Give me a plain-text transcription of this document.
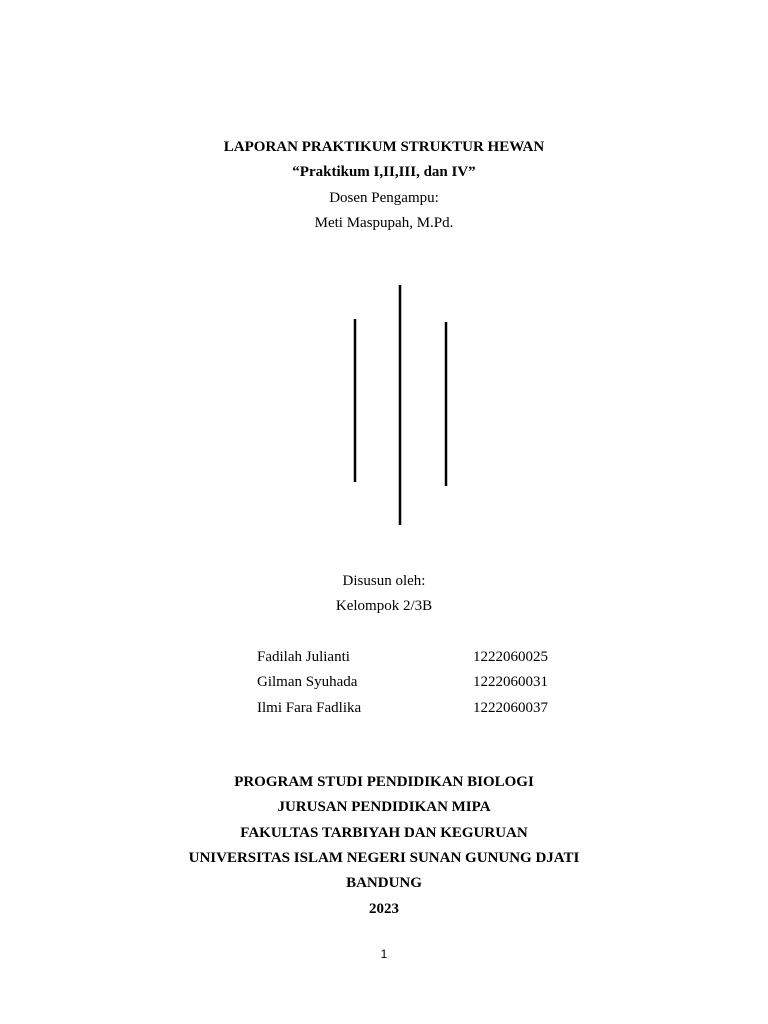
LAPORAN PRAKTIKUM STRUKTUR HEWAN
“Praktikum I,II,III, dan IV”
Dosen Pengampu:
Meti Maspupah, M.Pd.
Disusun oleh:
Kelompok 2/3B
Fadilah Julianti	1222060025
Gilman Syuhada	1222060031
Ilmi Fara Fadlika	1222060037
PROGRAM STUDI PENDIDIKAN BIOLOGI
JURUSAN PENDIDIKAN MIPA
FAKULTAS TARBIYAH DAN KEGURUAN
UNIVERSITAS ISLAM NEGERI SUNAN GUNUNG DJATI
BANDUNG
2023
1
